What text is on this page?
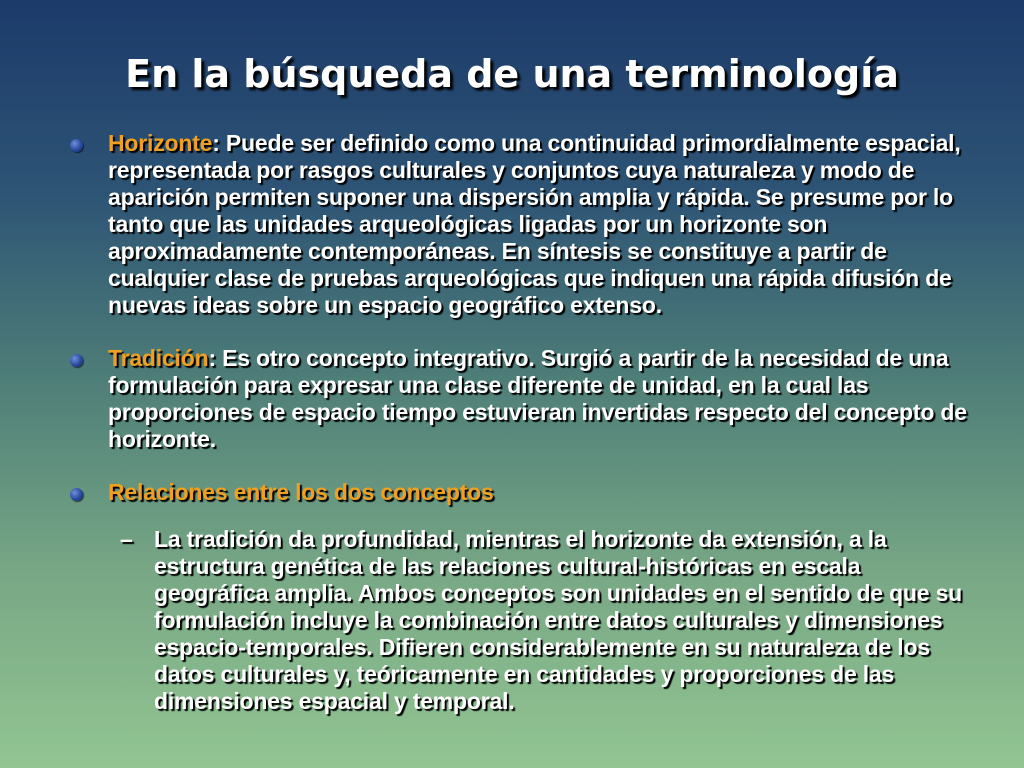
En la búsqueda de una terminología
Horizonte: Puede ser definido como una continuidad primordialmente espacial, representada por rasgos culturales y conjuntos cuya naturaleza y modo de aparición permiten suponer una dispersión amplia y rápida. Se presume por lo tanto que las unidades arqueológicas ligadas por un horizonte son aproximadamente contemporáneas. En síntesis se constituye a partir de cualquier clase de pruebas arqueológicas que indiquen una rápida difusión de nuevas ideas sobre un espacio geográfico extenso.
Tradición: Es otro concepto integrativo. Surgió a partir de la necesidad de una formulación para expresar una clase diferente de unidad, en la cual las proporciones de espacio tiempo estuvieran invertidas respecto del concepto de horizonte.
Relaciones entre los dos conceptos
– La tradición da profundidad, mientras el horizonte da extensión, a la estructura genética de las relaciones cultural-históricas en escala geográfica amplia. Ambos conceptos son unidades en el sentido de que su formulación incluye la combinación entre datos culturales y dimensiones espacio-temporales. Difieren considerablemente en su naturaleza de los datos culturales y, teóricamente en cantidades y proporciones de las dimensiones espacial y temporal.
